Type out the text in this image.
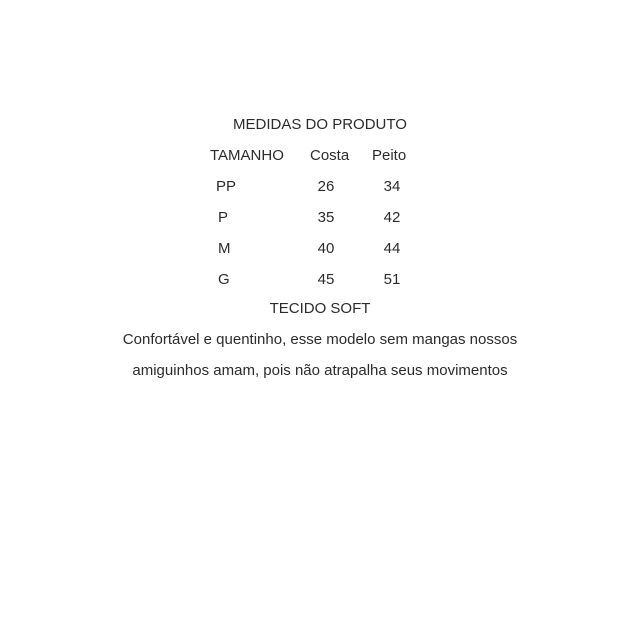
MEDIDAS DO PRODUTO
TAMANHO Costa Peito
PP	26	34
P	35	42
M	40	44
G	45	51
TECIDO SOFT
Confortável e quentinho, esse modelo sem mangas nossos
amiguinhos amam, pois não atrapalha seus movimentos
